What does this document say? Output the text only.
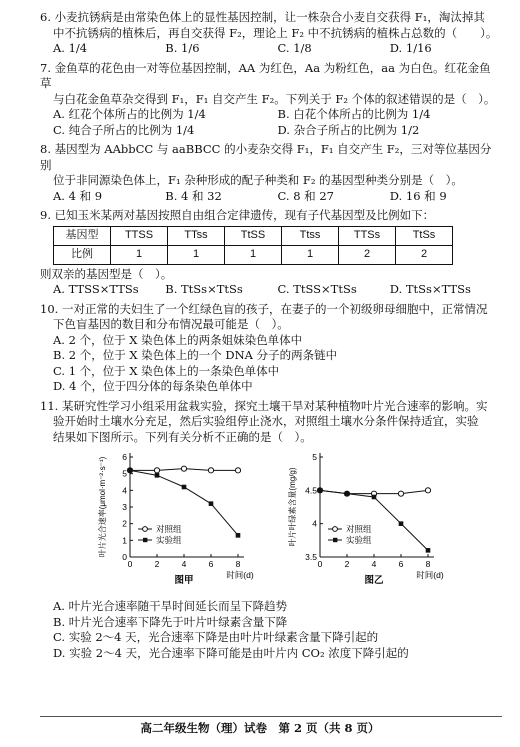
6. 小麦抗锈病是由常染色体上的显性基因控制，让一株杂合小麦自交获得 F₁，淘汰掉其

中不抗锈病的植株后，再自交获得 F₂，理论上 F₂ 中不抗锈病的植株占总数的（　　）。

A. 1/4	B. 1/6	C. 1/8	D. 1/16

7. 金鱼草的花色由一对等位基因控制，AA 为红色，Aa 为粉红色，aa 为白色。红花金鱼草

与白花金鱼草杂交得到 F₁，F₁ 自交产生 F₂。下列关于 F₂ 个体的叙述错误的是（　）。

A. 红花个体所占的比例为 1/4	B. 白花个体所占的比例为 1/4
C. 纯合子所占的比例为 1/4	D. 杂合子所占的比例为 1/2

8. 基因型为 AAbbCC 与 aaBBCC 的小麦杂交得 F₁，F₁ 自交产生 F₂，三对等位基因分别

位于非同源染色体上，F₁ 杂种形成的配子种类和 F₂ 的基因型种类分别是（　）。

A. 4 和 9	B. 4 和 32	C. 8 和 27	D. 16 和 9

9. 已知玉米某两对基因按照自由组合定律遗传，现有子代基因型及比例如下：

基因型	TTSS	TTss	TtSS	Ttss	TTSs	TtSs
比例	1	1	1	1	2	2

则双亲的基因型是（　）。

A. TTSS×TTSs	B. TtSs×TtSs	C. TtSS×TtSs	D. TtSs×TTSs

10. 一对正常的夫妇生了一个红绿色盲的孩子，在妻子的一个初级卵母细胞中，正常情况

下色盲基因的数目和分布情况最可能是（　）。

A. 2 个，位于 X 染色体上的两条姐妹染色单体中

B. 2 个，位于 X 染色体上的一个 DNA 分子的两条链中

C. 1 个，位于 X 染色体上的一条染色单体中

D. 4 个，位于四分体的每条染色单体中

11. 某研究性学习小组采用盆栽实验，探究土壤干旱对某种植物叶片光合速率的影响。实

验开始时土壤水分充足，然后实验组停止浇水，对照组土壤水分条件保持适宜，实验

结果如下图所示。下列有关分析不正确的是（　）。

0
1
2
3
4
5
6
0	2	4	6	8
时间(d)
叶片光合速率(μmol·m⁻²·s⁻¹)	对照组
实验组
图甲
3.5
4
4.5
5
0	2	4	6	8
时间(d)
叶片叶绿素含量(mg/g)	对照组
实验组
图乙

A. 叶片光合速率随干旱时间延长而呈下降趋势

B. 叶片光合速率下降先于叶片叶绿素含量下降

C. 实验 2～4 天，光合速率下降是由叶片叶绿素含量下降引起的

D. 实验 2～4 天，光合速率下降可能是由叶片内 CO₂ 浓度下降引起的

高二年级生物（理）试卷　第 2 页（共 8 页）
